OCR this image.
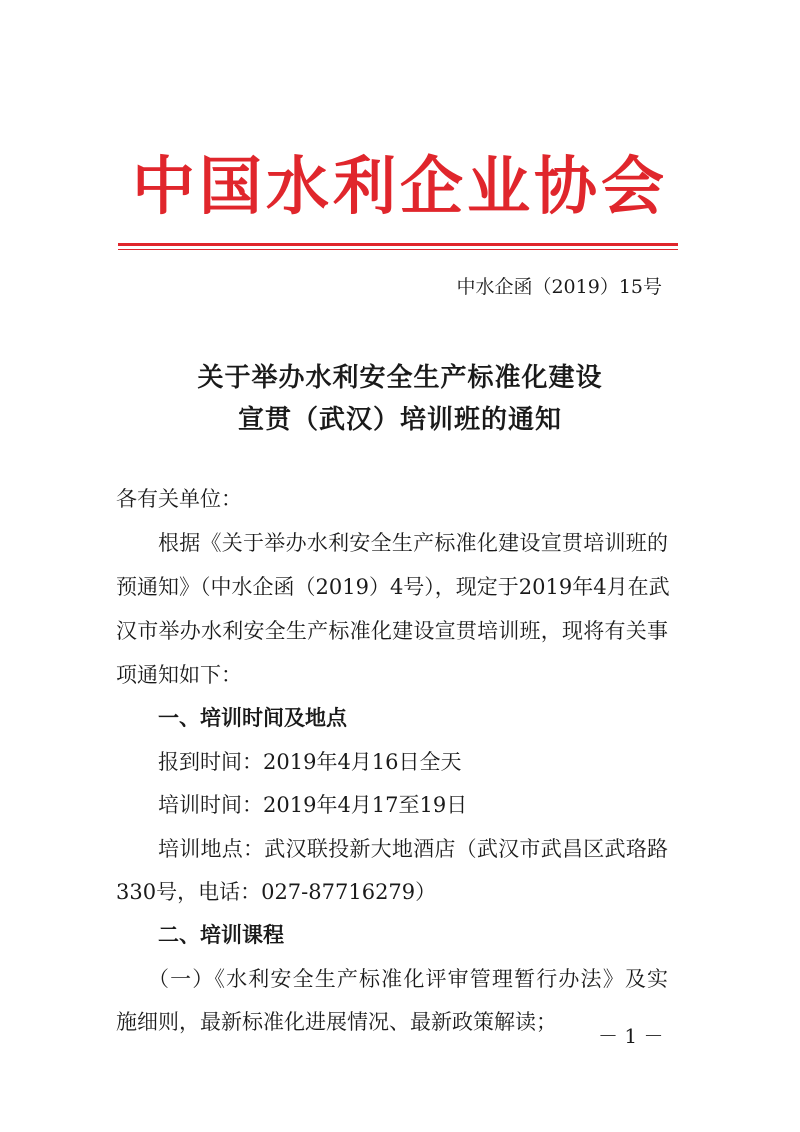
中国水利企业协会
中水企函（2019）15号
关于举办水利安全生产标准化建设
宣贯（武汉）培训班的通知
各有关单位：
根据《关于举办水利安全生产标准化建设宣贯培训班的
预通知》（中水企函（2019）4号），现定于2019年4月在武
汉市举办水利安全生产标准化建设宣贯培训班，现将有关事
项通知如下：
一、培训时间及地点
报到时间：2019年4月16日全天
培训时间：2019年4月17至19日
培训地点：武汉联投新大地酒店（武汉市武昌区武珞路
330号，电话：027-87716279）
二、培训课程
（一）《水利安全生产标准化评审管理暂行办法》及实
施细则，最新标准化进展情况、最新政策解读；
－ 1 －
